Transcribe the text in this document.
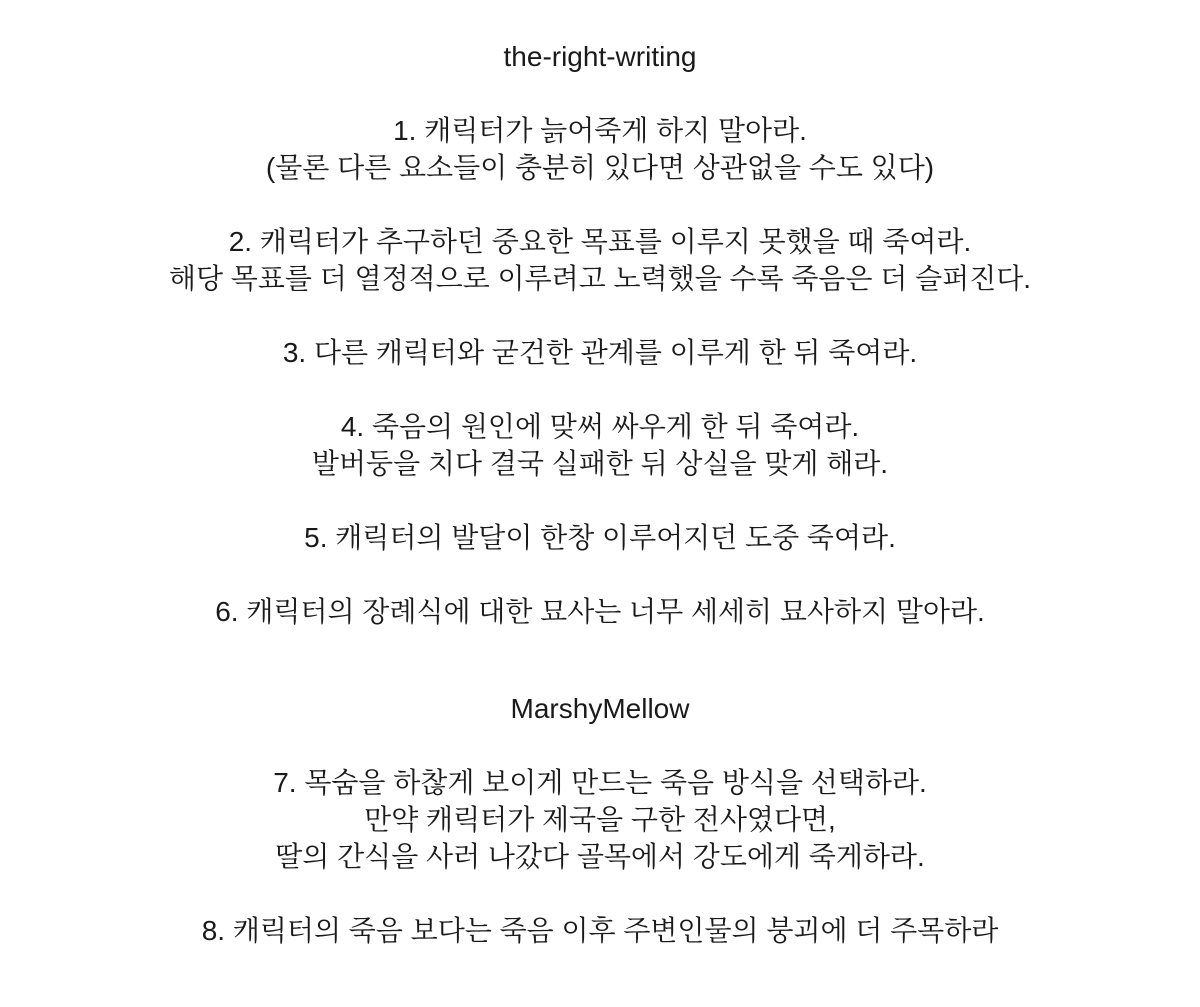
the-right-writing

1. 캐릭터가 늙어죽게 하지 말아라.
(물론 다른 요소들이 충분히 있다면 상관없을 수도 있다)

2. 캐릭터가 추구하던 중요한 목표를 이루지 못했을 때 죽여라.
해당 목표를 더 열정적으로 이루려고 노력했을 수록 죽음은 더 슬퍼진다.

3. 다른 캐릭터와 굳건한 관계를 이루게 한 뒤 죽여라.

4. 죽음의 원인에 맞써 싸우게 한 뒤 죽여라.
발버둥을 치다 결국 실패한 뒤 상실을 맞게 해라.

5. 캐릭터의 발달이 한창 이루어지던 도중 죽여라.

6. 캐릭터의 장례식에 대한 묘사는 너무 세세히 묘사하지 말아라.

MarshyMellow

7. 목숨을 하찮게 보이게 만드는 죽음 방식을 선택하라.
만약 캐릭터가 제국을 구한 전사였다면,
딸의 간식을 사러 나갔다 골목에서 강도에게 죽게하라.

8. 캐릭터의 죽음 보다는 죽음 이후 주변인물의 붕괴에 더 주목하라
